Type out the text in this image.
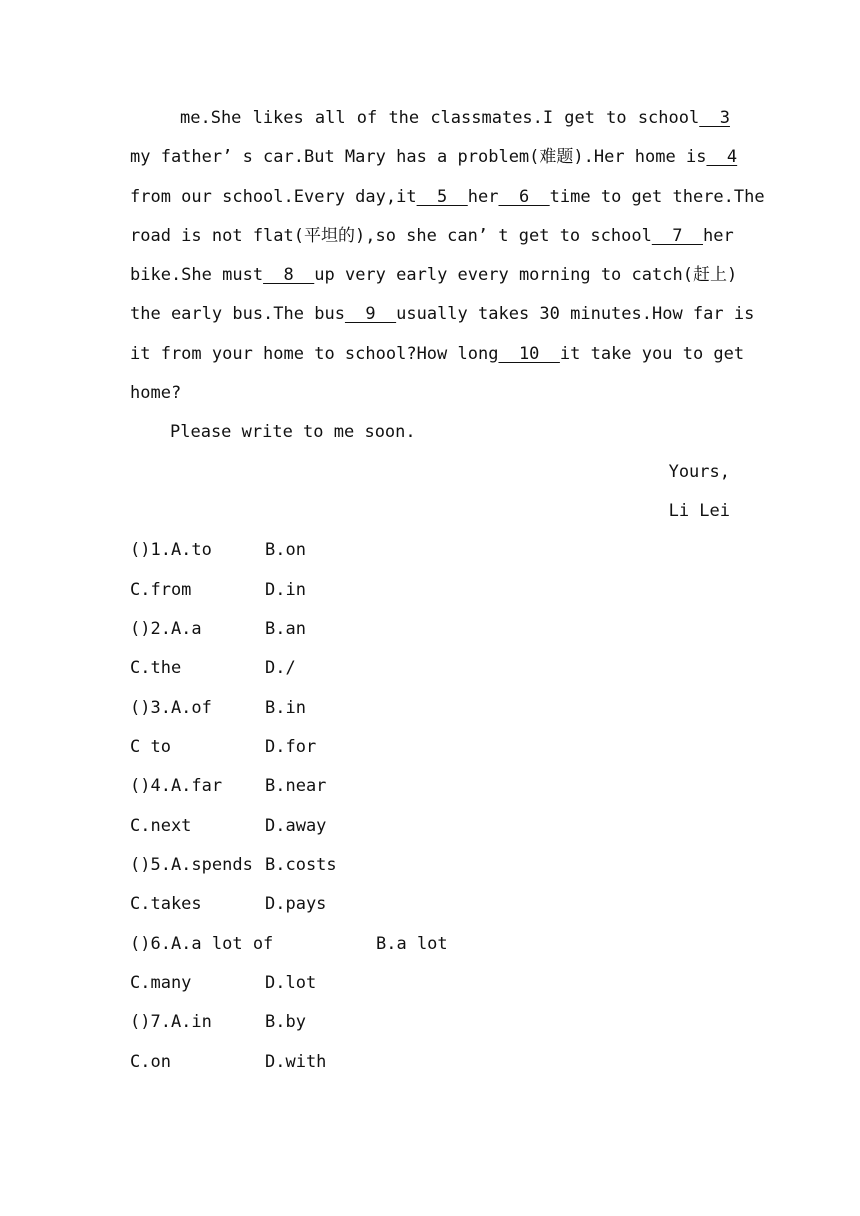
me.She likes all of the classmates.I get to school  3
my father’ s car.But Mary has a problem(难题).Her home is  4
from our school.Every day,it  5  her  6  time to get there.The
road is not flat(平坦的),so she can’ t get to school  7  her
bike.She must  8  up very early every morning to catch(赶上)
the early bus.The bus  9  usually takes 30 minutes.How far is
it from your home to school?How long  10  it take you to get
home?
Please write to me soon.
Yours,
Li Lei
()1.A.to	B.on
C.from	D.in
()2.A.a	B.an
C.the	D./
()3.A.of	B.in
C to	D.for
()4.A.far	B.near
C.next	D.away
()5.A.spends B.costs
C.takes	D.pays
()6.A.a lot of	B.a lot
C.many	D.lot
()7.A.in	B.by
C.on	D.with
